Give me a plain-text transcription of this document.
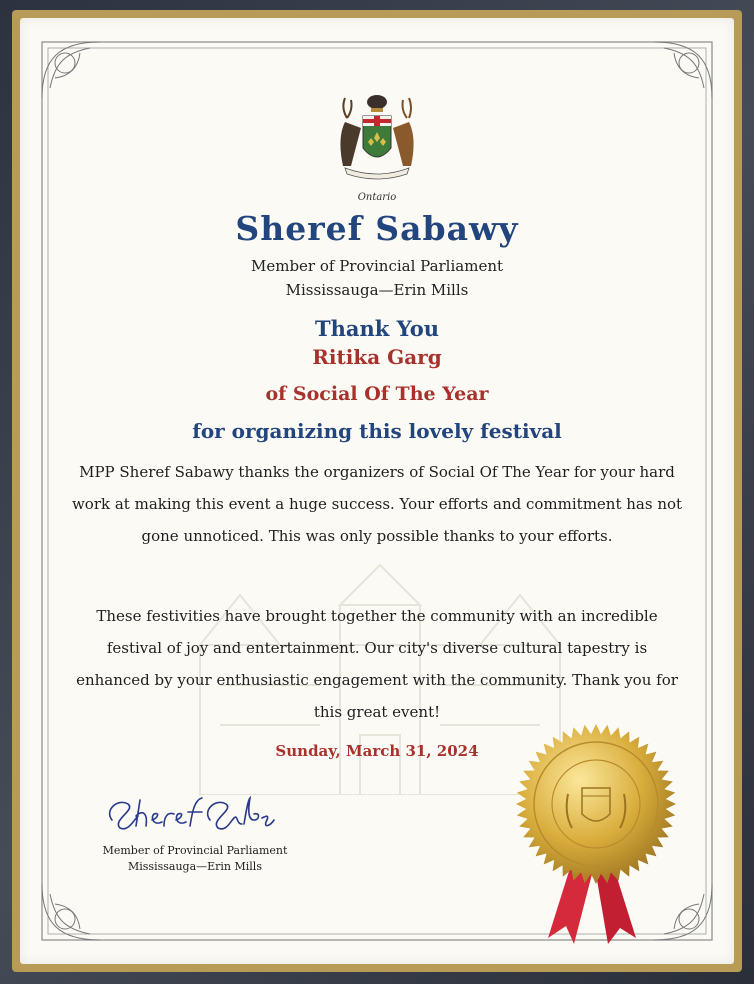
Ontario
Sheref Sabawy
Member of Provincial Parliament
Mississauga—Erin Mills
Thank You
Ritika Garg
of Social Of The Year
for organizing this lovely festival
MPP Sheref Sabawy thanks the organizers of Social Of The Year for your hard work at making this event a huge success. Your efforts and commitment has not gone unnoticed. This was only possible thanks to your efforts.
These festivities have brought together the community with an incredible festival of joy and entertainment. Our city's diverse cultural tapestry is enhanced by your enthusiastic engagement with the community. Thank you for this great event!
Sunday, March 31, 2024
Member of Provincial Parliament
Mississauga—Erin Mills
